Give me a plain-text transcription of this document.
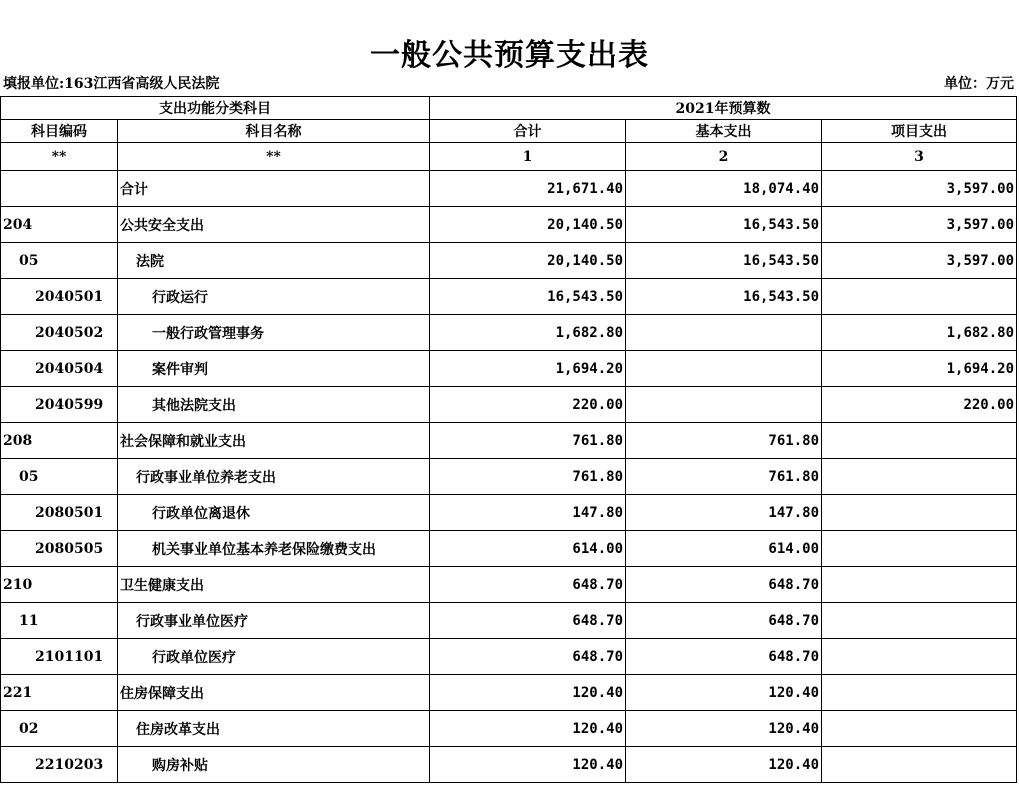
一般公共预算支出表
填报单位:163江西省高级人民法院	单位：万元
支出功能分类科目		2021年预算数		
科目编码	科目名称	合计	基本支出	项目支出
**	**	1	2	3
	合计	21,671.40	18,074.40	3,597.00
204	公共安全支出	20,140.50	16,543.50	3,597.00
05	法院	20,140.50	16,543.50	3,597.00
2040501	行政运行	16,543.50	16,543.50	
2040502	一般行政管理事务	1,682.80		1,682.80
2040504	案件审判	1,694.20		1,694.20
2040599	其他法院支出	220.00		220.00
208	社会保障和就业支出	761.80	761.80	
05	行政事业单位养老支出	761.80	761.80	
2080501	行政单位离退休	147.80	147.80	
2080505	机关事业单位基本养老保险缴费支出	614.00	614.00	
210	卫生健康支出	648.70	648.70	
11	行政事业单位医疗	648.70	648.70	
2101101	行政单位医疗	648.70	648.70	
221	住房保障支出	120.40	120.40	
02	住房改革支出	120.40	120.40	
2210203	购房补贴	120.40	120.40	
